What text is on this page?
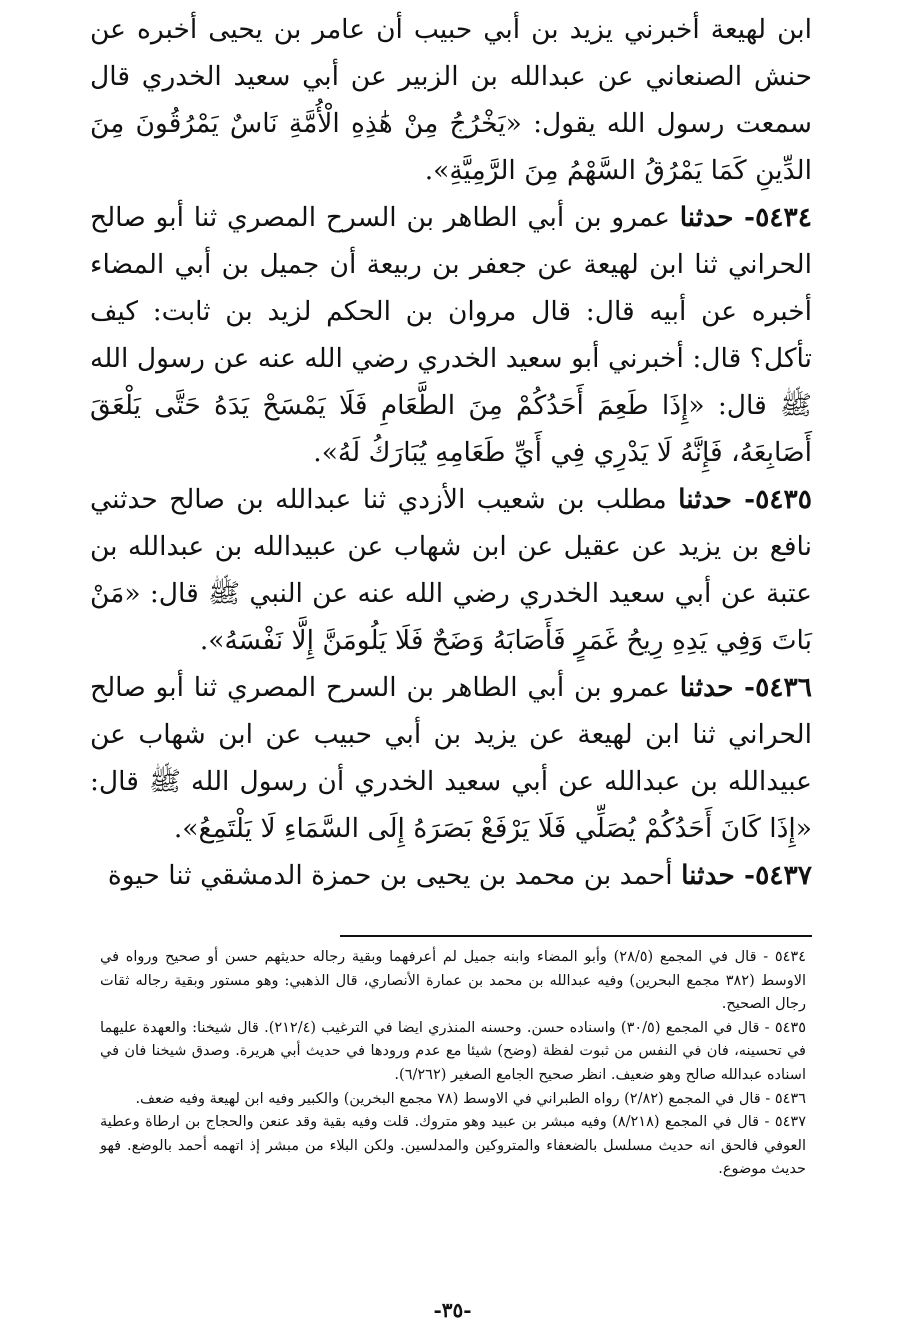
ابن لهيعة أخبرني يزيد بن أبي حبيب أن عامر بن يحيى أخبره عن حنش الصنعاني عن عبدالله بن الزبير عن أبي سعيد الخدري قال سمعت رسول الله يقول: «يَخْرُجُ مِنْ هَٰذِهِ الْأُمَّةِ نَاسٌ يَمْرُقُونَ مِنَ الدِّينِ كَمَا يَمْرُقُ السَّهْمُ مِنَ الرَّمِيَّةِ».

٥٤٣٤- حدثنا عمرو بن أبي الطاهر بن السرح المصري ثنا أبو صالح الحراني ثنا ابن لهيعة عن جعفر بن ربيعة أن جميل بن أبي المضاء أخبره عن أبيه قال: قال مروان بن الحكم لزيد بن ثابت: كيف تأكل؟ قال: أخبرني أبو سعيد الخدري رضي الله عنه عن رسول الله ﷺ قال: «إِذَا طَعِمَ أَحَدُكُمْ مِنَ الطَّعَامِ فَلَا يَمْسَحْ يَدَهُ حَتَّى يَلْعَقَ أَصَابِعَهُ، فَإِنَّهُ لَا يَدْرِي فِي أَيِّ طَعَامِهِ يُبَارَكُ لَهُ».

٥٤٣٥- حدثنا مطلب بن شعيب الأزدي ثنا عبدالله بن صالح حدثني نافع بن يزيد عن عقيل عن ابن شهاب عن عبيدالله بن عبدالله بن عتبة عن أبي سعيد الخدري رضي الله عنه عن النبي ﷺ قال: «مَنْ بَاتَ وَفِي يَدِهِ رِيحُ غَمَرٍ فَأَصَابَهُ وَضَحٌ فَلَا يَلُومَنَّ إِلَّا نَفْسَهُ».

٥٤٣٦- حدثنا عمرو بن أبي الطاهر بن السرح المصري ثنا أبو صالح الحراني ثنا ابن لهيعة عن يزيد بن أبي حبيب عن ابن شهاب عن عبيدالله بن عبدالله عن أبي سعيد الخدري أن رسول الله ﷺ قال: «إِذَا كَانَ أَحَدُكُمْ يُصَلِّي فَلَا يَرْفَعْ بَصَرَهُ إِلَى السَّمَاءِ لَا يَلْتَمِعُ».

٥٤٣٧- حدثنا أحمد بن محمد بن يحيى بن حمزة الدمشقي ثنا حيوة

٥٤٣٤ - قال في المجمع (٢٨/٥) وأبو المضاء وابنه جميل لم أعرفهما وبقية رجاله حديثهم حسن أو صحيح ورواه في الاوسط (٣٨٢ مجمع البحرين) وفيه عبدالله بن محمد بن عمارة الأنصاري، قال الذهبي: وهو مستور وبقية رجاله ثقات رجال الصحيح.

٥٤٣٥ - قال في المجمع (٣٠/٥) واسناده حسن. وحسنه المنذري ايضا في الترغيب (٢١٢/٤). قال شيخنا: والعهدة عليهما في تحسينه، فان في النفس من ثبوت لفظة (وضح) شيئا مع عدم ورودها في حديث أبي هريرة. وصدق شيخنا فان في اسناده عبدالله صالح وهو ضعيف. انظر صحيح الجامع الصغير (٦/٢٦٢).

٥٤٣٦ - قال في المجمع (٢/٨٢) رواه الطبراني في الاوسط (٧٨ مجمع البخرين) والكبير وفيه ابن لهيعة وفيه ضعف.

٥٤٣٧ - قال في المجمع (٨/٢١٨) وفيه مبشر بن عبيد وهو متروك. قلت وفيه بقية وقد عنعن والحجاج بن ارطاة وعطية العوفي فالحق انه حديث مسلسل بالضعفاء والمتروكين والمدلسين. ولكن البلاء من مبشر إذ اتهمه أحمد بالوضع. فهو حديث موضوع.

-٣٥-
